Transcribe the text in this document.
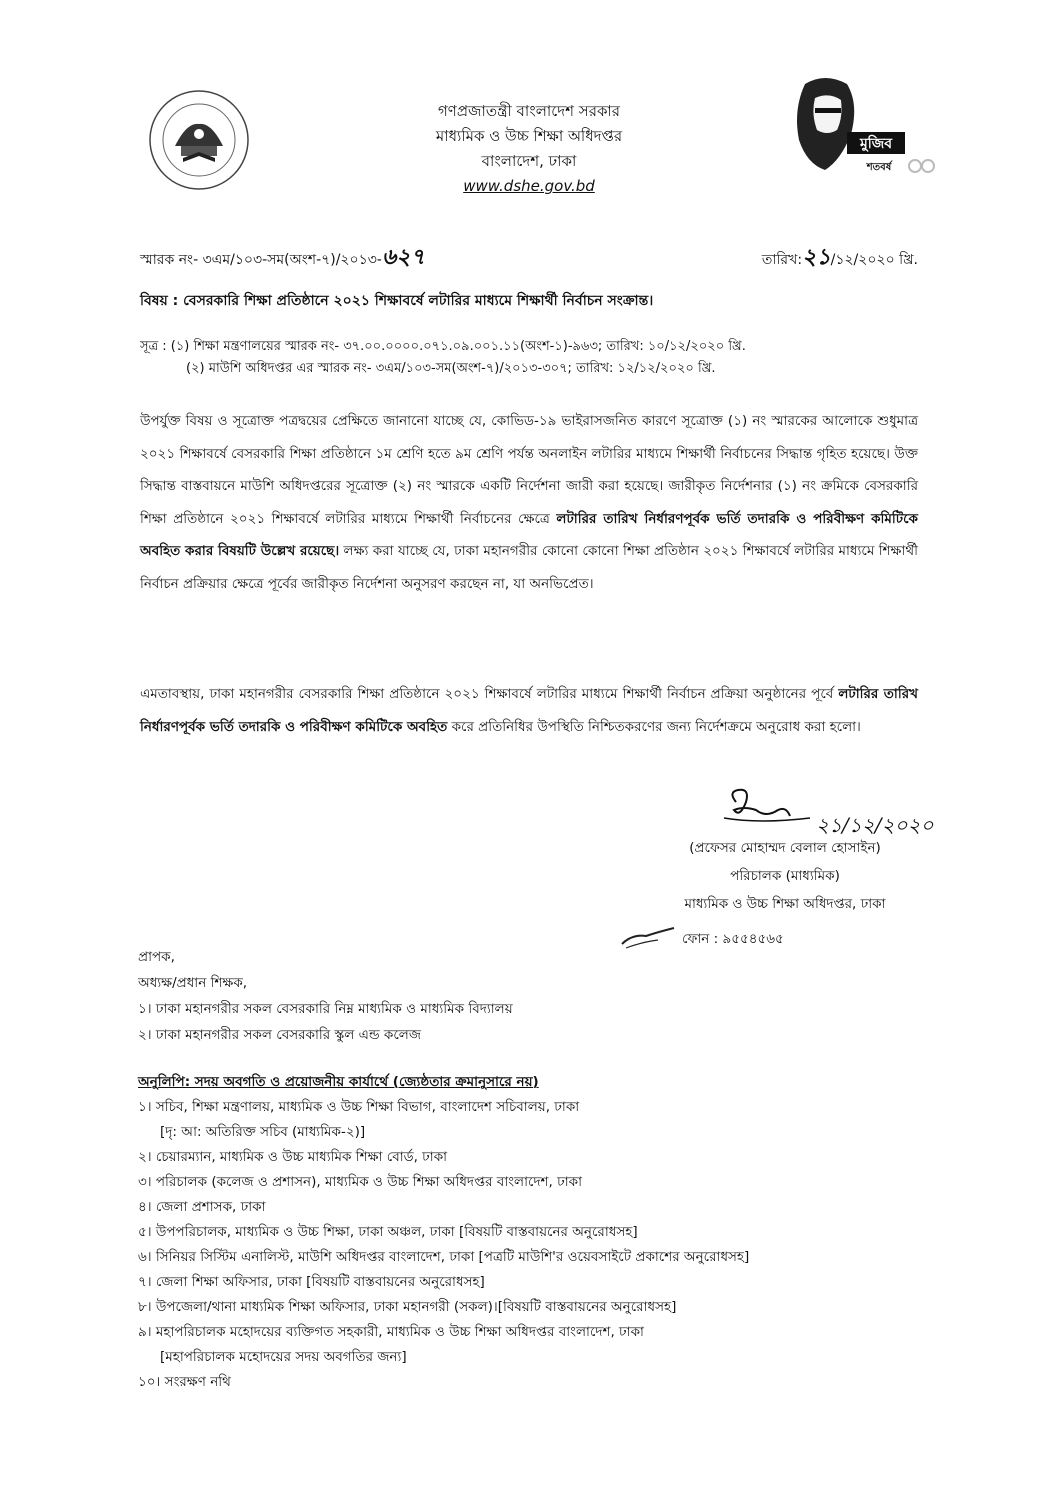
মুজিব
শতবর্ষ
গণপ্রজাতন্ত্রী বাংলাদেশ সরকার
মাধ্যমিক ও উচ্চ শিক্ষা অধিদপ্তর
বাংলাদেশ, ঢাকা
www.dshe.gov.bd
স্মারক নং- ৩এম/১০৩-সম(অংশ-৭)/২০১৩-৬২৭	তারিখ:২১/১২/২০২০ খ্রি.
বিষয় : বেসরকারি শিক্ষা প্রতিষ্ঠানে ২০২১ শিক্ষাবর্ষে লটারির মাধ্যমে শিক্ষার্থী নির্বাচন সংক্রান্ত।
সূত্র : (১) শিক্ষা মন্ত্রণালয়ের স্মারক নং- ৩৭.০০.০০০০.০৭১.০৯.০০১.১১(অংশ-১)-৯৬৩; তারিখ: ১০/১২/২০২০ খ্রি.
(২) মাউশি অধিদপ্তর এর স্মারক নং- ৩এম/১০৩-সম(অংশ-৭)/২০১৩-৩০৭; তারিখ: ১২/১২/২০২০ খ্রি.
উপর্যুক্ত বিষয় ও সূত্রোক্ত পত্রদ্বয়ের প্রেক্ষিতে জানানো যাচ্ছে যে, কোভিড-১৯ ভাইরাসজনিত কারণে সূত্রোক্ত (১) নং স্মারকের আলোকে শুধুমাত্র ২০২১ শিক্ষাবর্ষে বেসরকারি শিক্ষা প্রতিষ্ঠানে ১ম শ্রেণি হতে ৯ম শ্রেণি পর্যন্ত অনলাইন লটারির মাধ্যমে শিক্ষার্থী নির্বাচনের সিদ্ধান্ত গৃহিত হয়েছে। উক্ত সিদ্ধান্ত বাস্তবায়নে মাউশি অধিদপ্তরের সূত্রোক্ত (২) নং স্মারকে একটি নির্দেশনা জারী করা হয়েছে। জারীকৃত নির্দেশনার (১) নং ক্রমিকে বেসরকারি শিক্ষা প্রতিষ্ঠানে ২০২১ শিক্ষাবর্ষে লটারির মাধ্যমে শিক্ষার্থী নির্বাচনের ক্ষেত্রে লটারির তারিখ নির্ধারণপূর্বক ভর্তি তদারকি ও পরিবীক্ষণ কমিটিকে অবহিত করার বিষয়টি উল্লেখ রয়েছে। লক্ষ্য করা যাচ্ছে যে, ঢাকা মহানগরীর কোনো কোনো শিক্ষা প্রতিষ্ঠান ২০২১ শিক্ষাবর্ষে লটারির মাধ্যমে শিক্ষার্থী নির্বাচন প্রক্রিয়ার ক্ষেত্রে পূর্বের জারীকৃত নির্দেশনা অনুসরণ করছেন না, যা অনভিপ্রেত।
এমতাবস্থায়, ঢাকা মহানগরীর বেসরকারি শিক্ষা প্রতিষ্ঠানে ২০২১ শিক্ষাবর্ষে লটারির মাধ্যমে শিক্ষার্থী নির্বাচন প্রক্রিয়া অনুষ্ঠানের পূর্বে লটারির তারিখ নির্ধারণপূর্বক ভর্তি তদারকি ও পরিবীক্ষণ কমিটিকে অবহিত করে প্রতিনিধির উপস্থিতি নিশ্চিতকরণের জন্য নির্দেশক্রমে অনুরোধ করা হলো।
২১/১২/২০২০
(প্রফেসর মোহাম্মদ বেলাল হোসাইন)
পরিচালক (মাধ্যমিক)
মাধ্যমিক ও উচ্চ শিক্ষা অধিদপ্তর, ঢাকা
ফোন : ৯৫৫৪৫৬৫
প্রাপক,
অধ্যক্ষ/প্রধান শিক্ষক,
১। ঢাকা মহানগরীর সকল বেসরকারি নিম্ন মাধ্যমিক ও মাধ্যমিক বিদ্যালয়
২। ঢাকা মহানগরীর সকল বেসরকারি স্কুল এন্ড কলেজ
অনুলিপি: সদয় অবগতি ও প্রয়োজনীয় কার্যার্থে (জ্যেষ্ঠতার ক্রমানুসারে নয়)
১। সচিব, শিক্ষা মন্ত্রণালয়, মাধ্যমিক ও উচ্চ শিক্ষা বিভাগ, বাংলাদেশ সচিবালয়, ঢাকা
[দৃ: আ: অতিরিক্ত সচিব (মাধ্যমিক-২)]
২। চেয়ারম্যান, মাধ্যমিক ও উচ্চ মাধ্যমিক শিক্ষা বোর্ড, ঢাকা
৩। পরিচালক (কলেজ ও প্রশাসন), মাধ্যমিক ও উচ্চ শিক্ষা অধিদপ্তর বাংলাদেশ, ঢাকা
৪। জেলা প্রশাসক, ঢাকা
৫। উপপরিচালক, মাধ্যমিক ও উচ্চ শিক্ষা, ঢাকা অঞ্চল, ঢাকা [বিষয়টি বাস্তবায়নের অনুরোধসহ]
৬। সিনিয়র সিস্টিম এনালিস্ট, মাউশি অধিদপ্তর বাংলাদেশ, ঢাকা [পত্রটি মাউশি'র ওয়েবসাইটে প্রকাশের অনুরোধসহ]
৭। জেলা শিক্ষা অফিসার, ঢাকা [বিষয়টি বাস্তবায়নের অনুরোধসহ]
৮। উপজেলা/থানা মাধ্যমিক শিক্ষা অফিসার, ঢাকা মহানগরী (সকল)।[বিষয়টি বাস্তবায়নের অনুরোধসহ]
৯। মহাপরিচালক মহোদয়ের ব্যক্তিগত সহকারী, মাধ্যমিক ও উচ্চ শিক্ষা অধিদপ্তর বাংলাদেশ, ঢাকা
[মহাপরিচালক মহোদয়ের সদয় অবগতির জন্য]
১০। সংরক্ষণ নথি
